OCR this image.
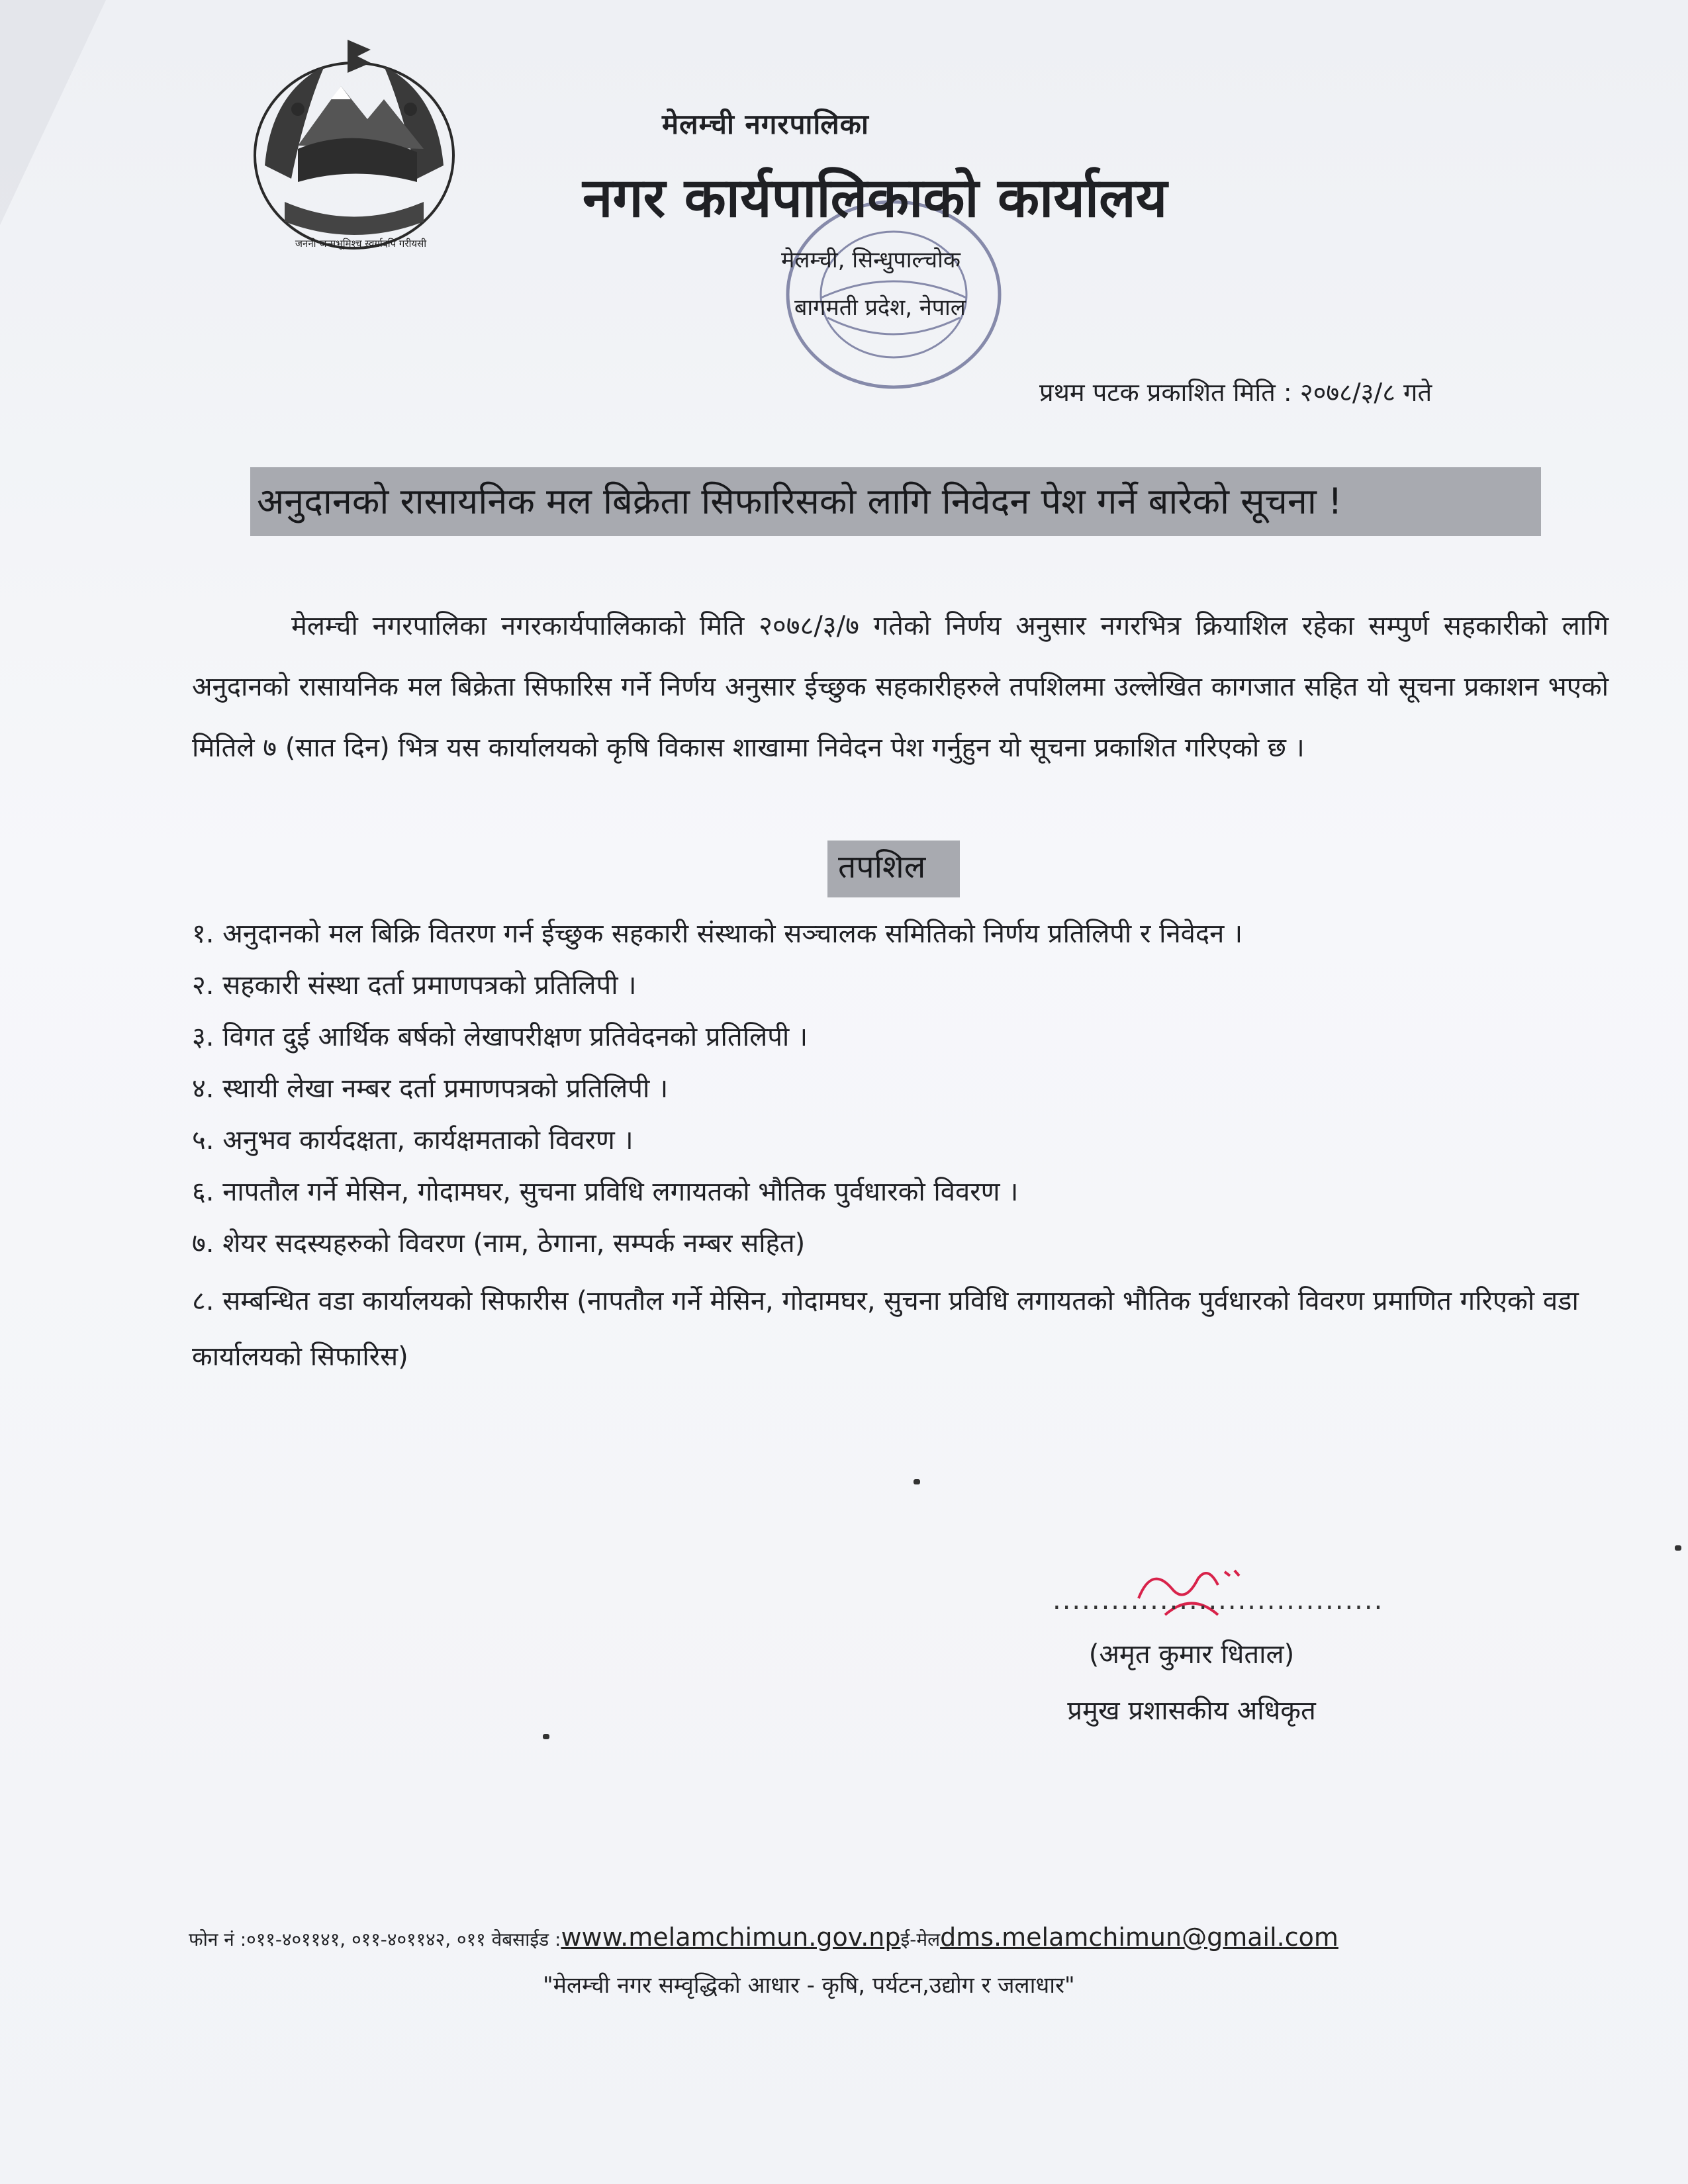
जननी जन्मभूमिश्च स्वर्गादपि गरीयसी
मेलम्ची नगरपालिका
नगर कार्यपालिकाको कार्यालय
मेलम्ची, सिन्धुपाल्चोक
बागमती प्रदेश, नेपाल
प्रथम पटक प्रकाशित मिति : २०७८/३/८ गते
अनुदानको रासायनिक मल बिक्रेता सिफारिसको लागि निवेदन पेश गर्ने बारेको सूचना !
मेलम्ची नगरपालिका नगरकार्यपालिकाको मिति २०७८/३/७ गतेको निर्णय अनुसार नगरभित्र क्रियाशिल रहेका सम्पुर्ण सहकारीको लागि अनुदानको रासायनिक मल बिक्रेता सिफारिस गर्ने निर्णय अनुसार ईच्छुक सहकारीहरुले तपशिलमा उल्लेखित कागजात सहित यो सूचना प्रकाशन भएको मितिले ७ (सात दिन) भित्र यस कार्यालयको कृषि विकास शाखामा निवेदन पेश गर्नुहुन यो सूचना प्रकाशित गरिएको छ ।
तपशिल
१. अनुदानको मल बिक्रि वितरण गर्न ईच्छुक सहकारी संस्थाको सञ्चालक समितिको निर्णय प्रतिलिपी र निवेदन ।
२. सहकारी संस्था दर्ता प्रमाणपत्रको प्रतिलिपी ।
३. विगत दुई आर्थिक बर्षको लेखापरीक्षण प्रतिवेदनको प्रतिलिपी ।
४. स्थायी लेखा नम्बर दर्ता प्रमाणपत्रको प्रतिलिपी ।
५. अनुभव कार्यदक्षता, कार्यक्षमताको विवरण ।
६. नापतौल गर्ने मेसिन, गोदामघर, सुचना प्रविधि लगायतको भौतिक पुर्वधारको विवरण ।
७. शेयर सदस्यहरुको विवरण (नाम, ठेगाना, सम्पर्क नम्बर सहित)
८. सम्बन्धित वडा कार्यालयको सिफारीस (नापतौल गर्ने मेसिन, गोदामघर, सुचना प्रविधि लगायतको भौतिक पुर्वधारको विवरण प्रमाणित गरिएको वडा कार्यालयको सिफारिस)
..................................
(अमृत कुमार धिताल)
प्रमुख प्रशासकीय अधिकृत
फोन नं :०११-४०११४१, ०११-४०११४२, ०११ वेबसाईड :www.melamchimun.gov.npई-मेलdms.melamchimun@gmail.com
"मेलम्ची नगर सम्वृद्धिको आधार - कृषि, पर्यटन,उद्योग र जलाधार"
